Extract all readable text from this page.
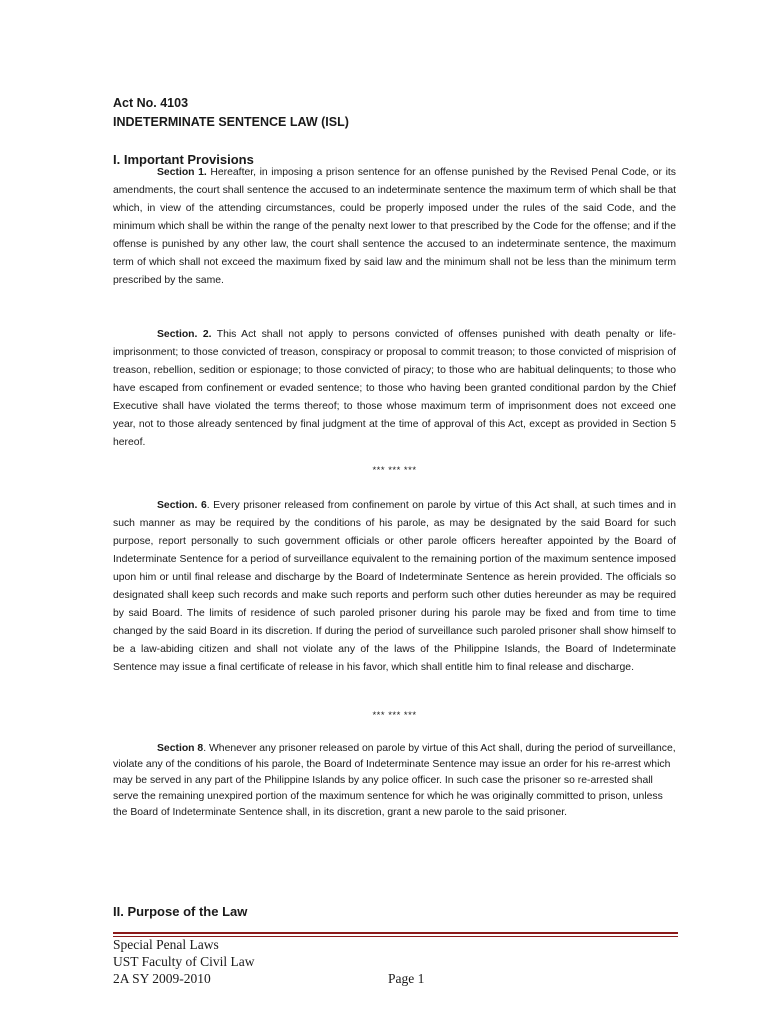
Act No. 4103
INDETERMINATE SENTENCE LAW (ISL)
I. Important Provisions

Section 1. Hereafter, in imposing a prison sentence for an offense punished by the Revised Penal Code, or its amendments, the court shall sentence the accused to an indeterminate sentence the maximum term of which shall be that which, in view of the attending circumstances, could be properly imposed under the rules of the said Code, and the minimum which shall be within the range of the penalty next lower to that prescribed by the Code for the offense; and if the offense is punished by any other law, the court shall sentence the accused to an indeterminate sentence, the maximum term of which shall not exceed the maximum fixed by said law and the minimum shall not be less than the minimum term prescribed by the same.

Section. 2. This Act shall not apply to persons convicted of offenses punished with death penalty or life-imprisonment; to those convicted of treason, conspiracy or proposal to commit treason; to those convicted of misprision of treason, rebellion, sedition or espionage; to those convicted of piracy; to those who are habitual delinquents; to those who have escaped from confinement or evaded sentence; to those who having been granted conditional pardon by the Chief Executive shall have violated the terms thereof; to those whose maximum term of imprisonment does not exceed one year, not to those already sentenced by final judgment at the time of approval of this Act, except as provided in Section 5 hereof.

*** *** ***

Section. 6. Every prisoner released from confinement on parole by virtue of this Act shall, at such times and in such manner as may be required by the conditions of his parole, as may be designated by the said Board for such purpose, report personally to such government officials or other parole officers hereafter appointed by the Board of Indeterminate Sentence for a period of surveillance equivalent to the remaining portion of the maximum sentence imposed upon him or until final release and discharge by the Board of Indeterminate Sentence as herein provided. The officials so designated shall keep such records and make such reports and perform such other duties hereunder as may be required by said Board. The limits of residence of such paroled prisoner during his parole may be fixed and from time to time changed by the said Board in its discretion. If during the period of surveillance such paroled prisoner shall show himself to be a law-abiding citizen and shall not violate any of the laws of the Philippine Islands, the Board of Indeterminate Sentence may issue a final certificate of release in his favor, which shall entitle him to final release and discharge.

*** *** ***

Section 8. Whenever any prisoner released on parole by virtue of this Act shall, during the period of surveillance, violate any of the conditions of his parole, the Board of Indeterminate Sentence may issue an order for his re-arrest which may be served in any part of the Philippine Islands by any police officer. In such case the prisoner so re-arrested shall serve the remaining unexpired portion of the maximum sentence for which he was originally committed to prison, unless the Board of Indeterminate Sentence shall, in its discretion, grant a new parole to the said prisoner.

II. Purpose of the Law
Special Penal Laws
UST Faculty of Civil Law
2A SY 2009-2010	Page 1
